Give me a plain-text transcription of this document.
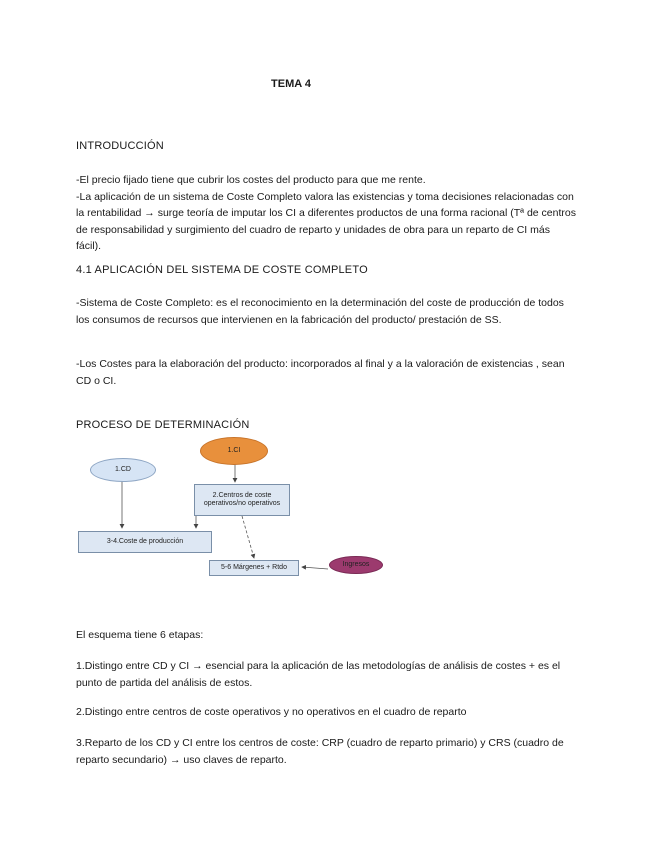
TEMA 4
INTRODUCCIÓN

-El precio fijado tiene que cubrir los costes del producto para que me rente.

-La aplicación de un sistema de Coste Completo valora las existencias y toma decisiones relacionadas con la rentabilidad → surge teoría de imputar los CI a diferentes productos de una forma racional (Tª de centros de responsabilidad y surgimiento del cuadro de reparto y unidades de obra para un reparto de CI más fácil).

4.1 APLICACIÓN DEL SISTEMA DE COSTE COMPLETO

-Sistema de Coste Completo: es el reconocimiento en la determinación del coste de producción de todos los consumos de recursos que intervienen en la fabricación del producto/ prestación de SS.

-Los Costes para la elaboración del producto: incorporados al final y a la valoración de existencias , sean CD o CI.

PROCESO DE DETERMINACIÓN
1.CI
1.CD
2.Centros de coste operativos/no operativos
3-4.Coste de producción
5-6 Márgenes + Rtdo	Ingresos

El esquema tiene 6 etapas:

1.Distingo entre CD y CI → esencial para la aplicación de las metodologías de análisis de costes + es el punto de partida del análisis de estos.

2.Distingo entre centros de coste operativos y no operativos en el cuadro de reparto

3.Reparto de los CD y CI entre los centros de coste: CRP (cuadro de reparto primario) y CRS (cuadro de reparto secundario) → uso claves de reparto.
